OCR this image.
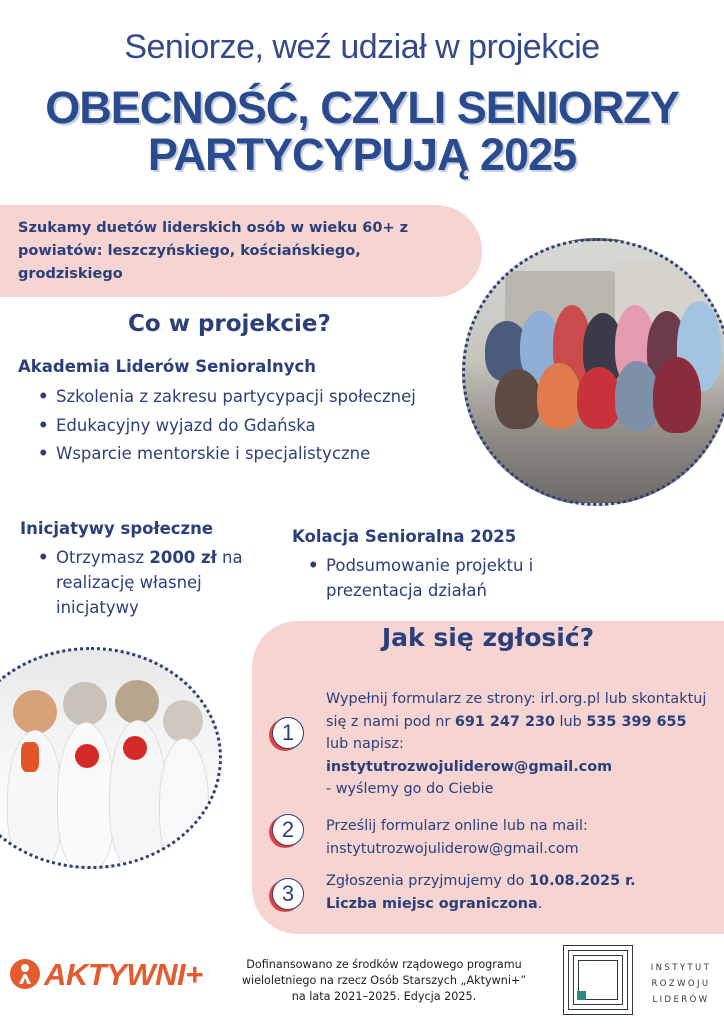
Seniorze, weź udział w projekcie
OBECNOŚĆ, CZYLI SENIORZY
PARTYCYPUJĄ 2025
Szukamy duetów liderskich osób w wieku 60+ z powiatów: leszczyńskiego, kościańskiego, grodziskiego
Co w projekcie?
Akademia Liderów Senioralnych
• Szkolenia z zakresu partycypacji społecznej
• Edukacyjny wyjazd do Gdańska
• Wsparcie mentorskie i specjalistyczne
Inicjatywy społeczne
• Otrzymasz 2000 zł na realizację własnej inicjatywy
Kolacja Senioralna 2025
• Podsumowanie projektu i prezentacja działań
Jak się zgłosić?
1
Wypełnij formularz ze strony: irl.org.pl lub skontaktuj się z nami pod nr 691 247 230 lub 535 399 655 lub napisz:
instytutrozwojuliderow@gmail.com
- wyślemy go do Ciebie
2	Prześlij formularz online lub na mail: instytutrozwojuliderow@gmail.com
3	Zgłoszenia przyjmujemy do 10.08.2025 r.
Liczba miejsc ograniczona.
AKTYWNI+	Dofinansowano ze środków rządowego programu wieloletniego na rzecz Osób Starszych „Aktywni+” na lata 2021–2025. Edycja 2025.
INSTYTUT
ROZWOJU
LIDERÓW
